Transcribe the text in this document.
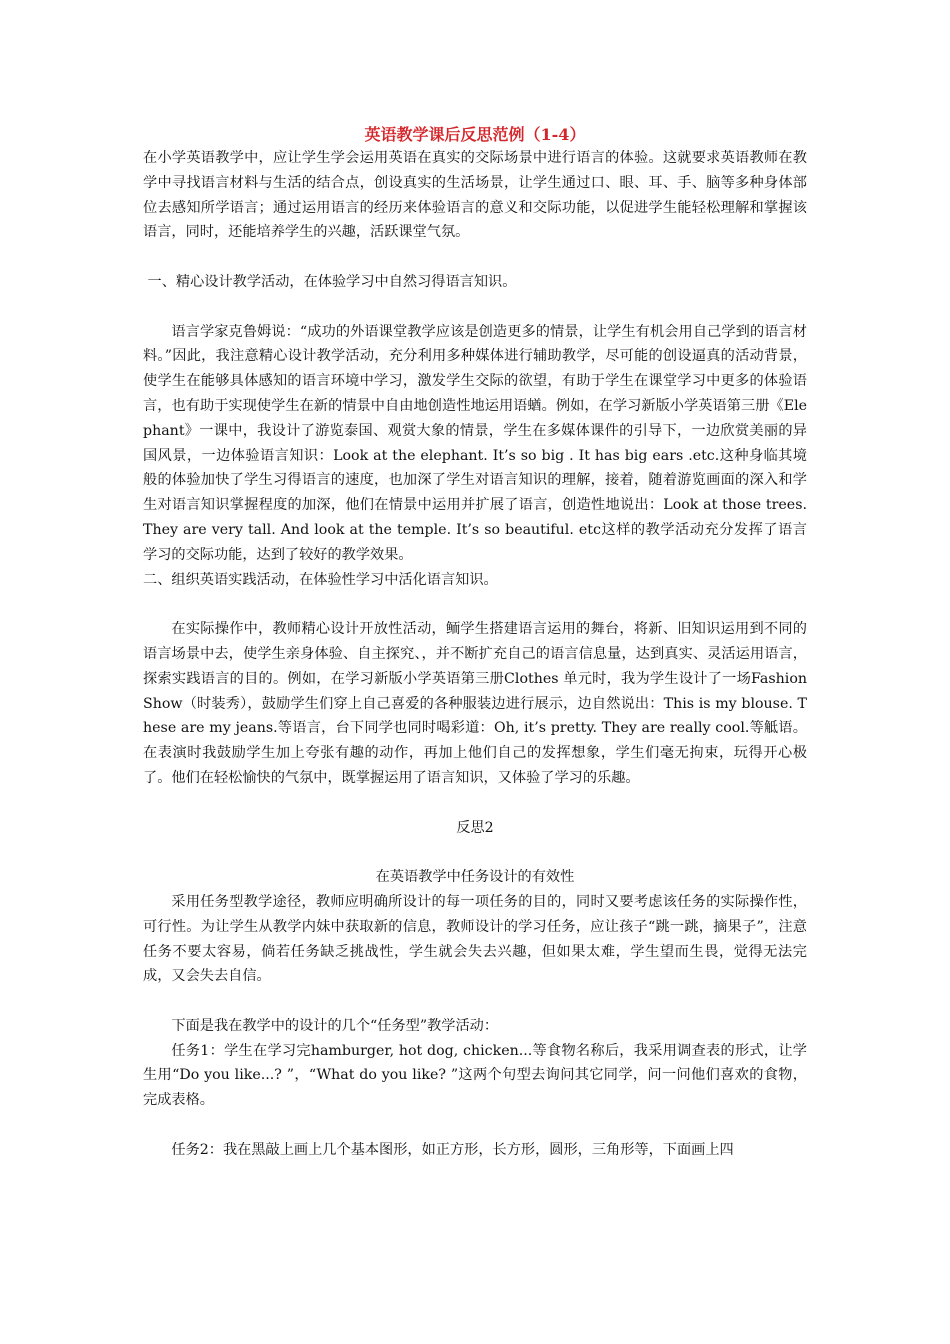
英语教学课后反思范例（1-4）

在小学英语教学中，应让学生学会运用英语在真实的交际场景中进行语言的体验。这就要求英语教师在教学中寻找语言材料与生活的结合点，创设真实的生活场景，让学生通过口、眼、耳、手、脑等多种身体部位去感知所学语言；通过运用语言的经历来体验语言的意义和交际功能，以促进学生能轻松理解和掌握该语言，同时，还能培养学生的兴趣，活跃课堂气氛。

一、精心设计教学活动，在体验学习中自然习得语言知识。

语言学家克鲁姆说：“成功的外语课堂教学应该是创造更多的情景，让学生有机会用自己学到的语言材料。”因此，我注意精心设计教学活动，充分利用多种媒体进行辅助教学，尽可能的创设逼真的活动背景，使学生在能够具体感知的语言环境中学习，激发学生交际的欲望，有助于学生在课堂学习中更多的体验语言，也有助于实现使学生在新的情景中自由地创造性地运用语蝤。例如，在学习新版小学英语第三册《Elephant》一课中，我设计了游览泰国、观赏大象的情景，学生在多媒体课件的引导下，一边欣赏美丽的异国风景，一边体验语言知识：Look at the elephant. It’s so big . It has big ears .etc.这种身临其境般的体验加快了学生习得语言的速度，也加深了学生对语言知识的理解，接着，随着游览画面的深入和学生对语言知识掌握程度的加深，他们在情景中运用并扩展了语言，创造性地说出：Look at those trees. They are very tall. And look at the temple. It’s so beautiful. etc这样的教学活动充分发挥了语言学习的交际功能，达到了较好的教学效果。

二、组织英语实践活动，在体验性学习中活化语言知识。

在实际操作中，教师精心设计开放性活动，鲕学生搭建语言运用的舞台，将新、旧知识运用到不同的语言场景中去，使学生亲身体验、自主探究、，并不断扩充自己的语言信息量，达到真实、灵活运用语言，探索实践语言的目的。例如，在学习新版小学英语第三册Clothes 单元时，我为学生设计了一场Fashion Show（时装秀），鼓励学生们穿上自己喜爱的各种服装边进行展示，边自然说出：This is my blouse. These are my jeans.等语言，台下同学也同时喝彩道：Oh, it’s pretty. They are really cool.等觝语。在表演时我鼓励学生加上夸张有趣的动作，再加上他们自己的发挥想象，学生们毫无拘束，玩得开心极了。他们在轻松愉快的气氛中，既掌握运用了语言知识，又体验了学习的乐趣。

反思2

在英语教学中任务设计的有效性

采用任务型教学途径，教师应明确所设计的每一项任务的目的，同时又要考虑该任务的实际操作性，可行性。为让学生从教学内妹中获取新的信息，教师设计的学习任务，应让孩子“跳一跳，摘果子”，注意任务不要太容易，倘若任务缺乏挑战性，学生就会失去兴趣，但如果太难，学生望而生畏，觉得无法完成，又会失去自信。

下面是我在教学中的设计的几个“任务型”教学活动：

任务1：学生在学习完hamburger, hot dog, chicken...等食物名称后，我采用调查表的形式，让学生用“Do you like...? ”，“What do you like? ”这两个句型去询问其它同学，问一问他们喜欢的食物，完成表格。

任务2：我在黑敲上画上几个基本图形，如正方形，长方形，圆形，三角形等，下面画上四
